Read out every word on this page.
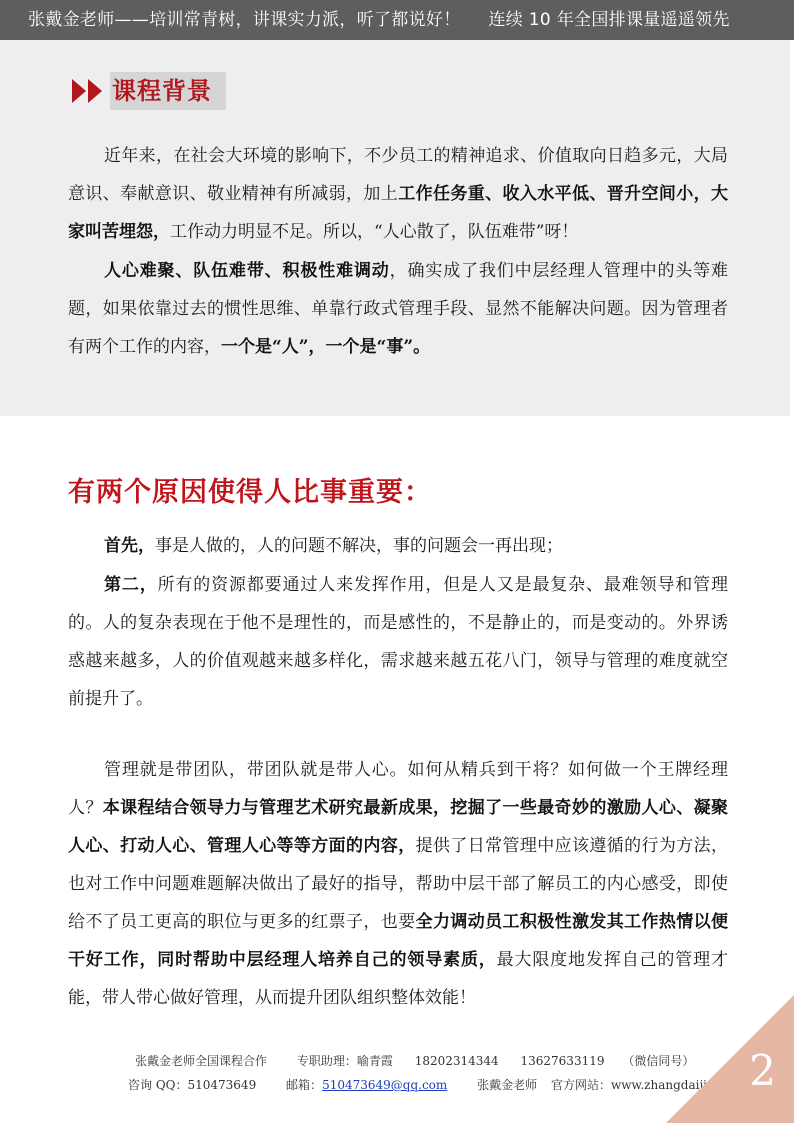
张戴金老师——培训常青树，讲课实力派，听了都说好！ 连续 10 年全国排课量遥遥领先
课程背景
近年来，在社会大环境的影响下，不少员工的精神追求、价值取向日趋多元，大局意识、奉献意识、敬业精神有所减弱，加上工作任务重、收入水平低、晋升空间小，大家叫苦埋怨，工作动力明显不足。所以，“人心散了，队伍难带”呀！
人心难聚、队伍难带、积极性难调动，确实成了我们中层经理人管理中的头等难题，如果依靠过去的惯性思维、单靠行政式管理手段、显然不能解决问题。因为管理者有两个工作的内容，一个是“人”，一个是“事”。
有两个原因使得人比事重要：
首先，事是人做的，人的问题不解决，事的问题会一再出现；
第二，所有的资源都要通过人来发挥作用，但是人又是最复杂、最难领导和管理的。人的复杂表现在于他不是理性的，而是感性的，不是静止的，而是变动的。外界诱惑越来越多，人的价值观越来越多样化，需求越来越五花八门，领导与管理的难度就空前提升了。
管理就是带团队，带团队就是带人心。如何从精兵到干将？如何做一个王牌经理人？本课程结合领导力与管理艺术研究最新成果，挖掘了一些最奇妙的激励人心、凝聚人心、打动人心、管理人心等等方面的内容，提供了日常管理中应该遵循的行为方法，也对工作中问题难题解决做出了最好的指导，帮助中层干部了解员工的内心感受，即使给不了员工更高的职位与更多的红票子，也要全力调动员工积极性激发其工作热情以便干好工作，同时帮助中层经理人培养自己的领导素质，最大限度地发挥自己的管理才能，带人带心做好管理，从而提升团队组织整体效能！
张戴金老师全国课程合作 专职助理：喻青霞 18202314344 13627633119 （微信同号）
咨询 QQ：510473649 邮箱：510473649@qq.com 张戴金老师 官方网站：www.zhangdaijin.com 2
